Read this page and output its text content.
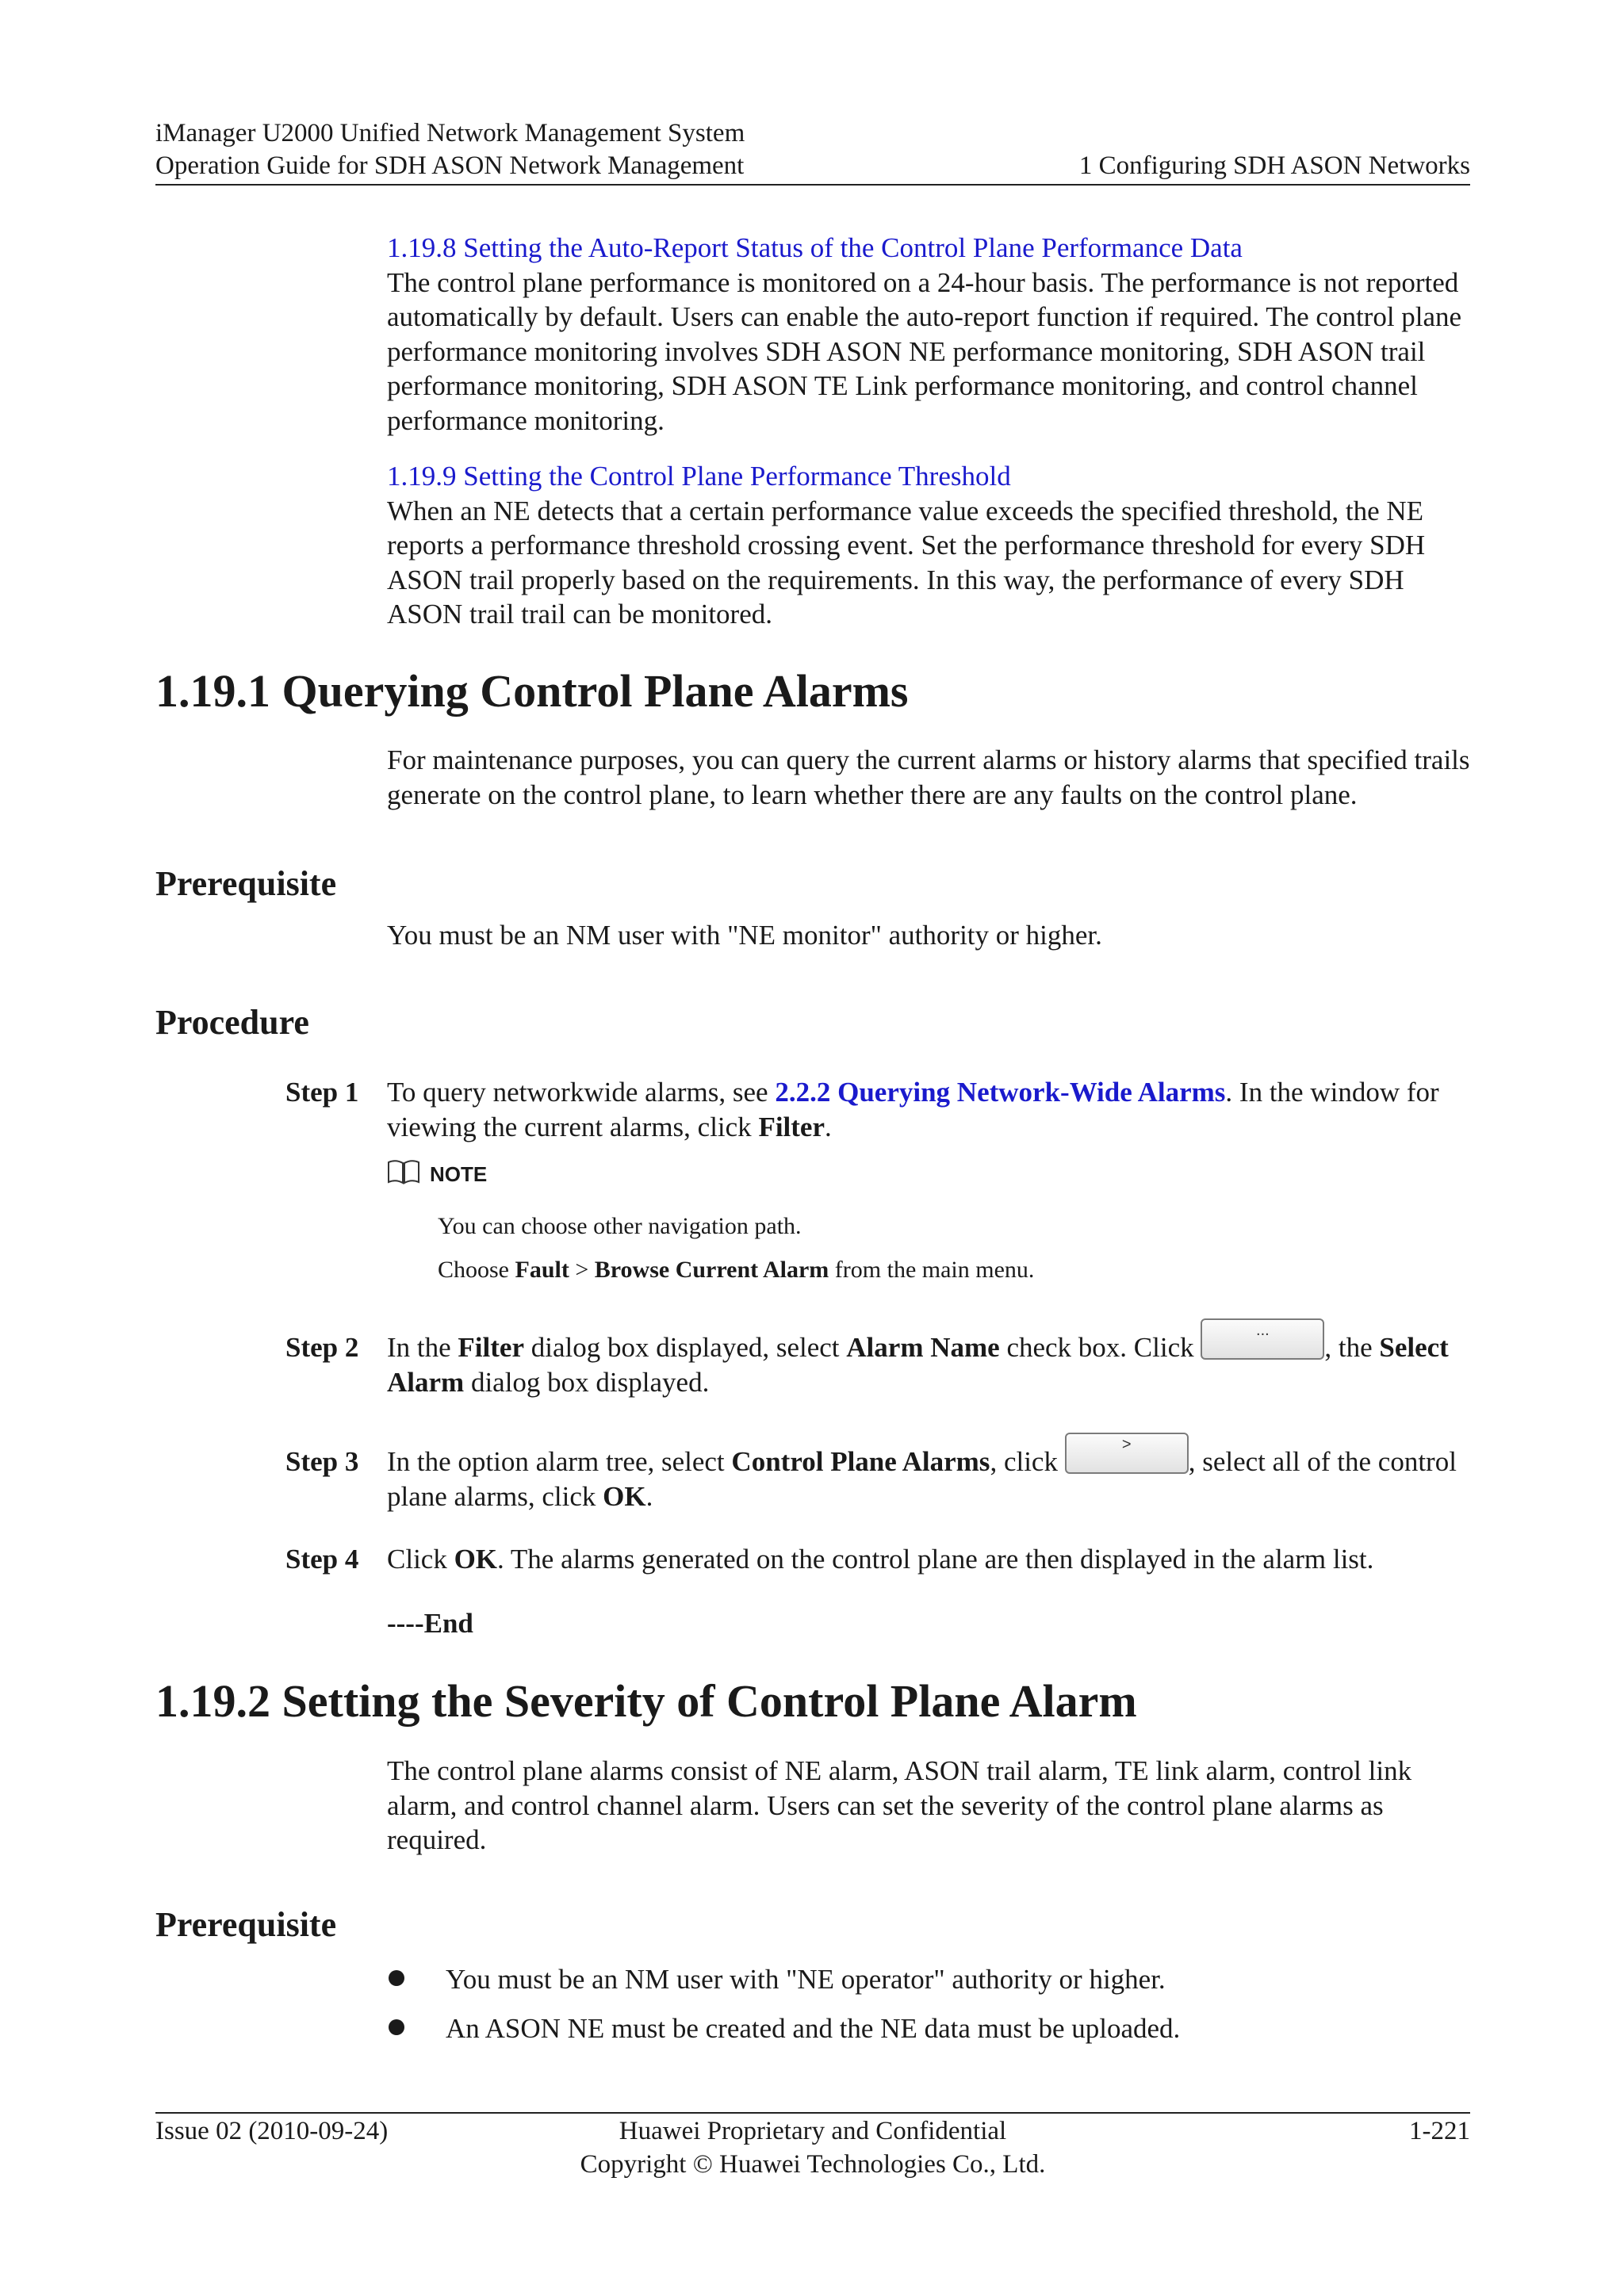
iManager U2000 Unified Network Management System
Operation Guide for SDH ASON Network Management	1 Configuring SDH ASON Networks
1.19.8 Setting the Auto-Report Status of the Control Plane Performance Data
The control plane performance is monitored on a 24-hour basis. The performance is not reported automatically by default. Users can enable the auto-report function if required. The control plane performance monitoring involves SDH ASON NE performance monitoring, SDH ASON trail performance monitoring, SDH ASON TE Link performance monitoring, and control channel performance monitoring.
1.19.9 Setting the Control Plane Performance Threshold
When an NE detects that a certain performance value exceeds the specified threshold, the NE reports a performance threshold crossing event. Set the performance threshold for every SDH ASON trail properly based on the requirements. In this way, the performance of every SDH ASON trail trail can be monitored.
1.19.1 Querying Control Plane Alarms
For maintenance purposes, you can query the current alarms or history alarms that specified trails generate on the control plane, to learn whether there are any faults on the control plane.
Prerequisite
You must be an NM user with "NE monitor" authority or higher.
Procedure
Step 1 To query networkwide alarms, see 2.2.2 Querying Network-Wide Alarms. In the window for viewing the current alarms, click Filter.
NOTE
You can choose other navigation path.
Choose Fault > Browse Current Alarm from the main menu.
Step 2 In the Filter dialog box displayed, select Alarm Name check box. Click ..., the Select Alarm dialog box displayed.
Step 3 In the option alarm tree, select Control Plane Alarms, click >, select all of the control plane alarms, click OK.
Step 4 Click OK. The alarms generated on the control plane are then displayed in the alarm list.
----End
1.19.2 Setting the Severity of Control Plane Alarm
The control plane alarms consist of NE alarm, ASON trail alarm, TE link alarm, control link alarm, and control channel alarm. Users can set the severity of the control plane alarms as required.
Prerequisite
You must be an NM user with "NE operator" authority or higher.
An ASON NE must be created and the NE data must be uploaded.
Issue 02 (2010-09-24)	1-221
Huawei Proprietary and Confidential
Copyright © Huawei Technologies Co., Ltd.
